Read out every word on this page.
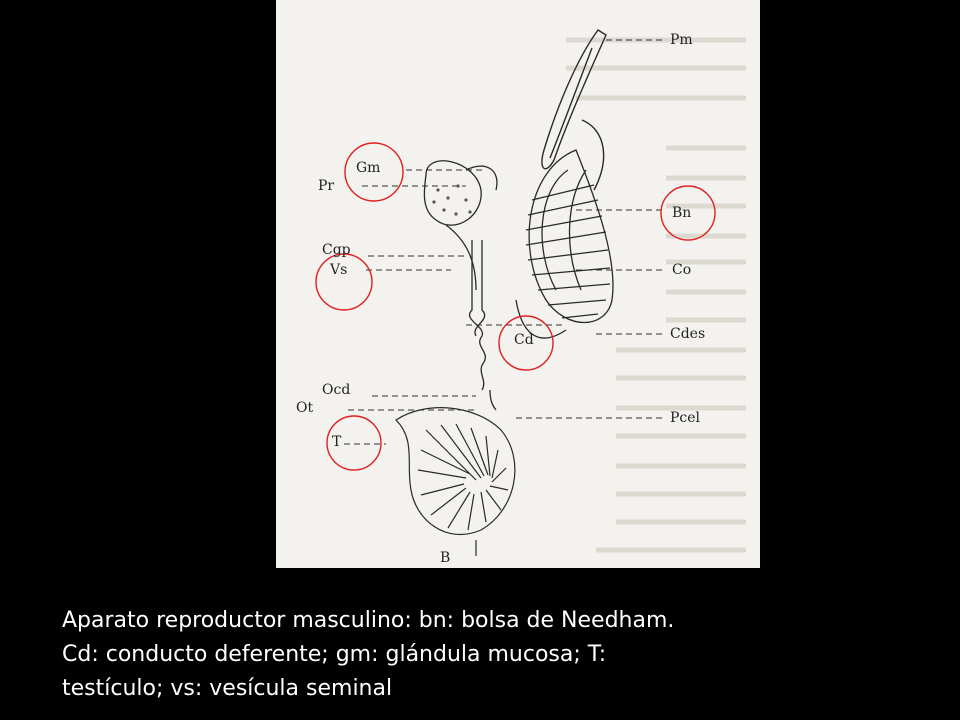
Pm
Gm
Pr
Bn
Cgp
Vs	Co
Cd	Cdes
Ocd
Ot
Pcel
T
B
Aparato reproductor masculino: bn: bolsa de Needham.
Cd: conducto deferente; gm: glándula mucosa; T:
testículo; vs: vesícula seminal
